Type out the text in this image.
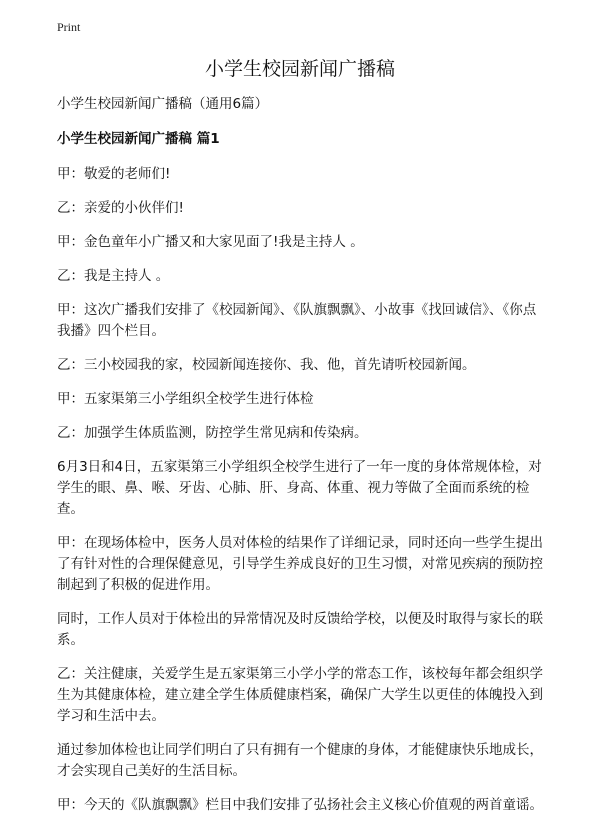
Print
小学生校园新闻广播稿

小学生校园新闻广播稿（通用6篇）

小学生校园新闻广播稿 篇1

甲：敬爱的老师们!

乙：亲爱的小伙伴们!

甲：金色童年小广播又和大家见面了!我是主持人 。

乙：我是主持人 。

甲：这次广播我们安排了《校园新闻》、《队旗飘飘》、小故事《找回诚信》、《你点我播》四个栏目。

乙：三小校园我的家，校园新闻连接你、我、他，首先请听校园新闻。

甲：五家渠第三小学组织全校学生进行体检

乙：加强学生体质监测，防控学生常见病和传染病。

6月3日和4日，五家渠第三小学组织全校学生进行了一年一度的身体常规体检，对学生的眼、鼻、喉、牙齿、心肺、肝、身高、体重、视力等做了全面而系统的检查。

甲：在现场体检中，医务人员对体检的结果作了详细记录，同时还向一些学生提出了有针对性的合理保健意见，引导学生养成良好的卫生习惯，对常见疾病的预防控制起到了积极的促进作用。

同时，工作人员对于体检出的异常情况及时反馈给学校，以便及时取得与家长的联系。

乙：关注健康，关爱学生是五家渠第三小学小学的常态工作，该校每年都会组织学生为其健康体检，建立建全学生体质健康档案，确保广大学生以更佳的体魄投入到学习和生活中去。

通过参加体检也让同学们明白了只有拥有一个健康的身体，才能健康快乐地成长，才会实现自己美好的生活目标。

甲：今天的《队旗飘飘》栏目中我们安排了弘扬社会主义核心价值观的两首童谣。
